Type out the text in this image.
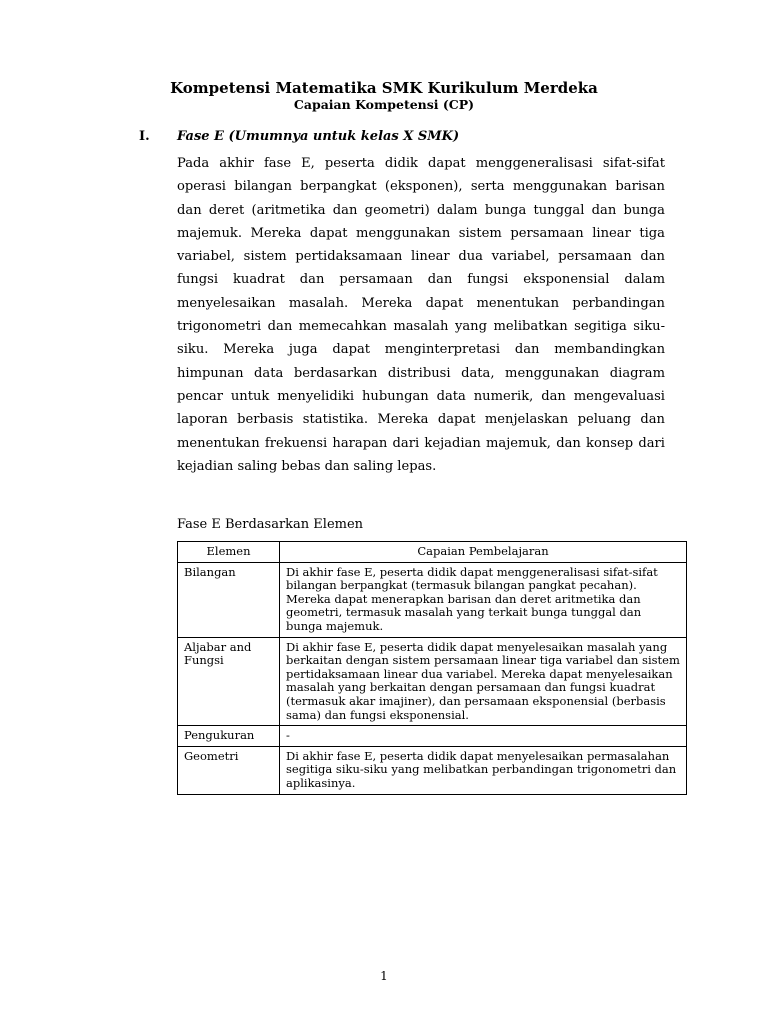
Kompetensi Matematika SMK Kurikulum Merdeka
Capaian Kompetensi (CP)
I. Fase E (Umumnya untuk kelas X SMK)

Pada akhir fase E, peserta didik dapat menggeneralisasi sifat-sifat operasi bilangan berpangkat (eksponen), serta menggunakan barisan dan deret (aritmetika dan geometri) dalam bunga tunggal dan bunga majemuk. Mereka dapat menggunakan sistem persamaan linear tiga variabel, sistem pertidaksamaan linear dua variabel, persamaan dan fungsi kuadrat dan persamaan dan fungsi eksponensial dalam menyelesaikan masalah. Mereka dapat menentukan perbandingan trigonometri dan memecahkan masalah yang melibatkan segitiga siku-siku. Mereka juga dapat menginterpretasi dan membandingkan himpunan data berdasarkan distribusi data, menggunakan diagram pencar untuk menyelidiki hubungan data numerik, dan mengevaluasi laporan berbasis statistika. Mereka dapat menjelaskan peluang dan menentukan frekuensi harapan dari kejadian majemuk, dan konsep dari kejadian saling bebas dan saling lepas.

Fase E Berdasarkan Elemen
Elemen	Capaian Pembelajaran
Bilangan	Di akhir fase E, peserta didik dapat menggeneralisasi sifat-sifat bilangan berpangkat (termasuk bilangan pangkat pecahan). Mereka dapat menerapkan barisan dan deret aritmetika dan geometri, termasuk masalah yang terkait bunga tunggal dan bunga majemuk.
Aljabar and Fungsi	Di akhir fase E, peserta didik dapat menyelesaikan masalah yang berkaitan dengan sistem persamaan linear tiga variabel dan sistem pertidaksamaan linear dua variabel. Mereka dapat menyelesaikan masalah yang berkaitan dengan persamaan dan fungsi kuadrat (termasuk akar imajiner), dan persamaan eksponensial (berbasis sama) dan fungsi eksponensial.
Pengukuran	-
Geometri	Di akhir fase E, peserta didik dapat menyelesaikan permasalahan segitiga siku-siku yang melibatkan perbandingan trigonometri dan aplikasinya.
1
